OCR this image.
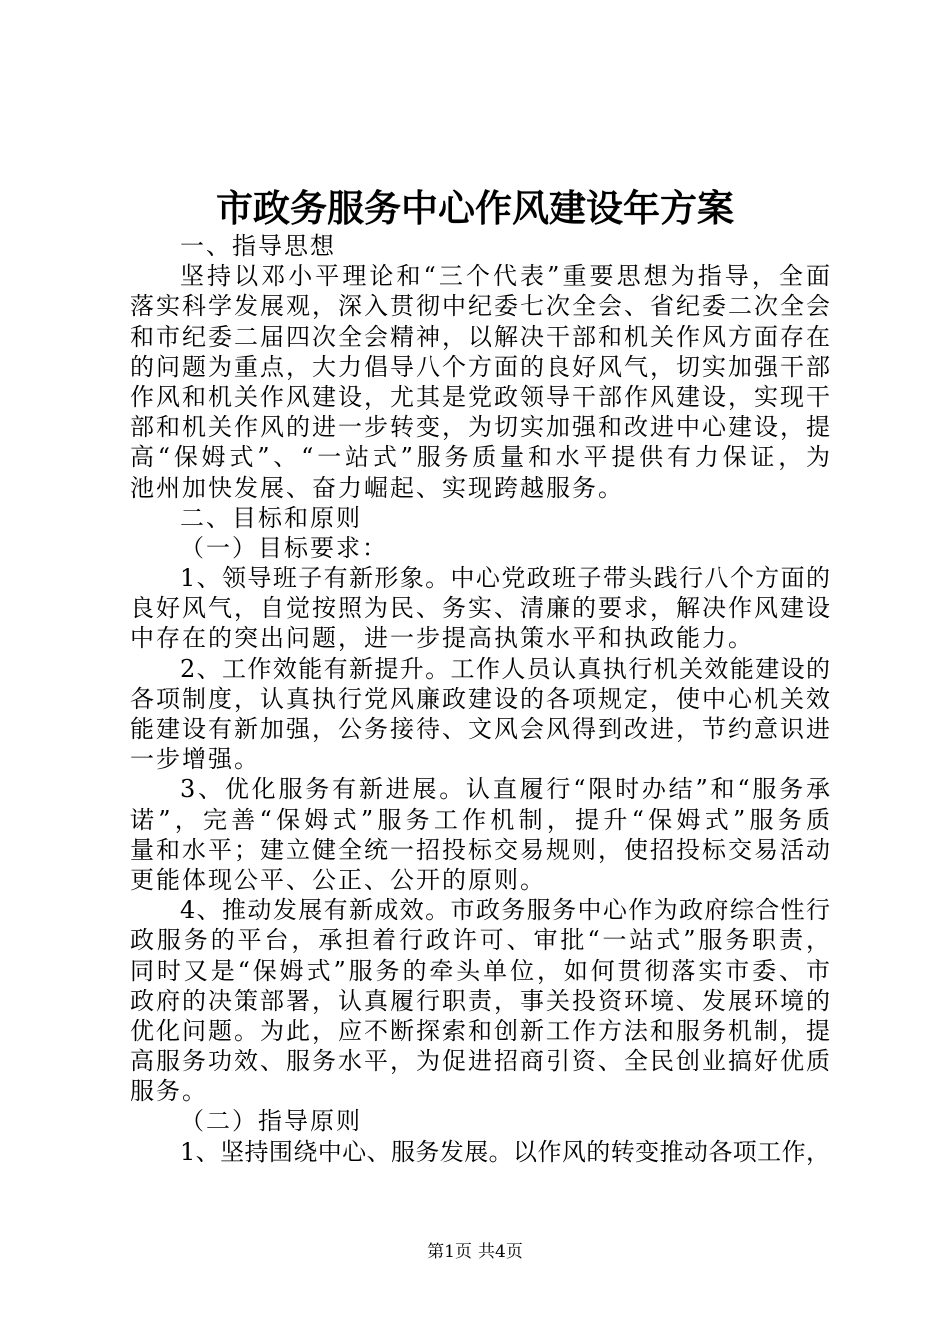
市政务服务中心作风建设年方案
一、指导思想
坚持以邓小平理论和“三个代表”重要思想为指导，全面
落实科学发展观，深入贯彻中纪委七次全会、省纪委二次全会
和市纪委二届四次全会精神，以解决干部和机关作风方面存在
的问题为重点，大力倡导八个方面的良好风气，切实加强干部
作风和机关作风建设，尤其是党政领导干部作风建设，实现干
部和机关作风的进一步转变，为切实加强和改进中心建设，提
高“保姆式”、“一站式”服务质量和水平提供有力保证，为
池州加快发展、奋力崛起、实现跨越服务。
二、目标和原则
（一）目标要求：
1、领导班子有新形象。中心党政班子带头践行八个方面的
良好风气，自觉按照为民、务实、清廉的要求，解决作风建设
中存在的突出问题，进一步提高执策水平和执政能力。
2、工作效能有新提升。工作人员认真执行机关效能建设的
各项制度，认真执行党风廉政建设的各项规定，使中心机关效
能建设有新加强，公务接待、文风会风得到改进，节约意识进
一步增强。
3、优化服务有新进展。认直履行“限时办结”和“服务承
诺”，完善“保姆式”服务工作机制，提升“保姆式”服务质
量和水平；建立健全统一招投标交易规则，使招投标交易活动
更能体现公平、公正、公开的原则。
4、推动发展有新成效。市政务服务中心作为政府综合性行
政服务的平台，承担着行政许可、审批“一站式”服务职责，
同时又是“保姆式”服务的牵头单位，如何贯彻落实市委、市
政府的决策部署，认真履行职责，事关投资环境、发展环境的
优化问题。为此，应不断探索和创新工作方法和服务机制，提
高服务功效、服务水平，为促进招商引资、全民创业搞好优质
服务。
（二）指导原则
1、坚持围绕中心、服务发展。以作风的转变推动各项工作，
第1页 共4页
